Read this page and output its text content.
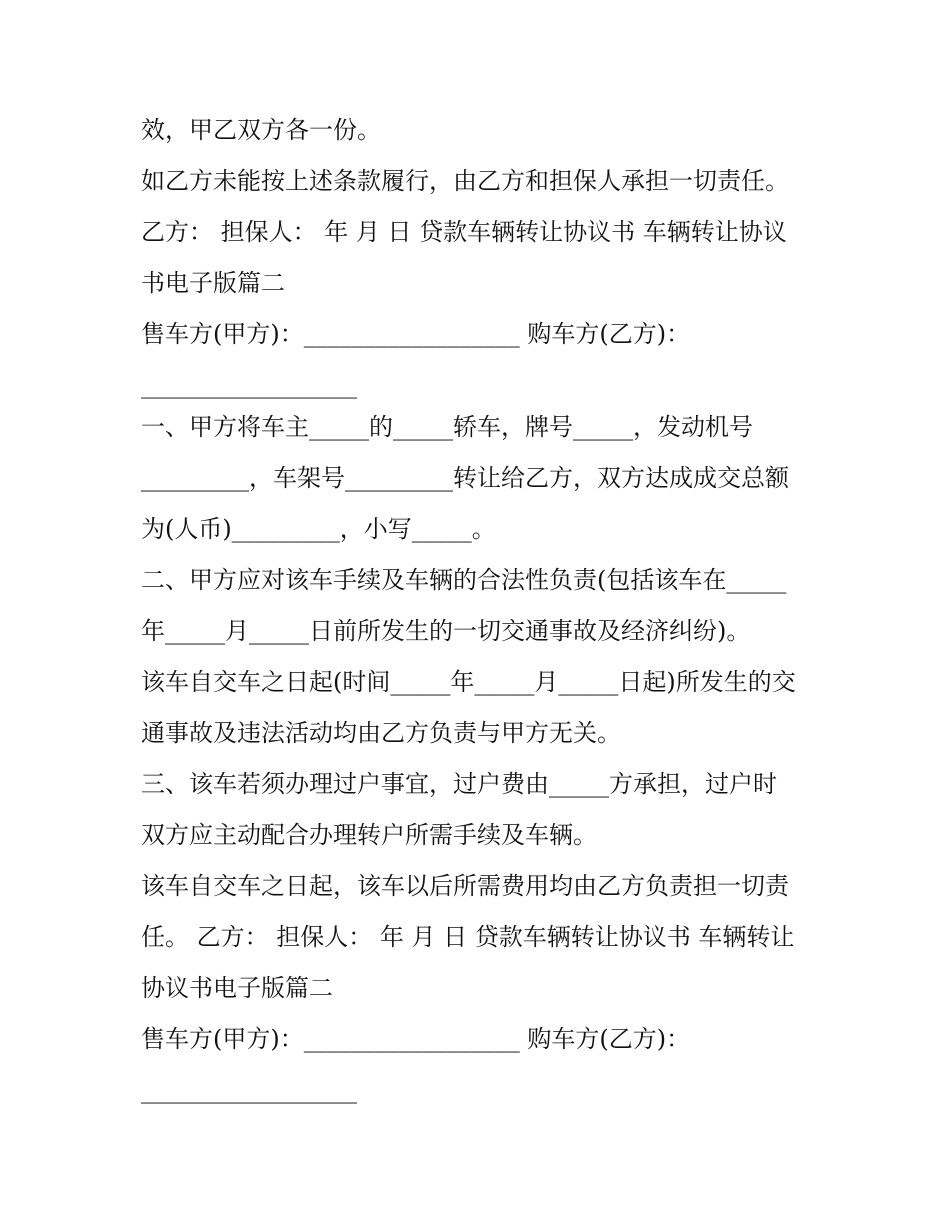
效，甲乙双方各一份。
如乙方未能按上述条款履行，由乙方和担保人承担一切责任。
乙方： 担保人： 年 月 日 贷款车辆转让协议书 车辆转让协议
书电子版篇二
售车方(甲方)：__________________ 购车方(乙方)：
__________________
一、甲方将车主_____的_____轿车，牌号_____，发动机号
_________，车架号_________转让给乙方，双方达成成交总额
为(人币)_________，小写_____。
二、甲方应对该车手续及车辆的合法性负责(包括该车在_____
年_____月_____日前所发生的一切交通事故及经济纠纷)。
该车自交车之日起(时间_____年_____月_____日起)所发生的交
通事故及违法活动均由乙方负责与甲方无关。
三、该车若须办理过户事宜，过户费由_____方承担，过户时
双方应主动配合办理转户所需手续及车辆。
该车自交车之日起，该车以后所需费用均由乙方负责担一切责
任。 乙方： 担保人： 年 月 日 贷款车辆转让协议书 车辆转让
协议书电子版篇二
售车方(甲方)：__________________ 购车方(乙方)：
__________________
